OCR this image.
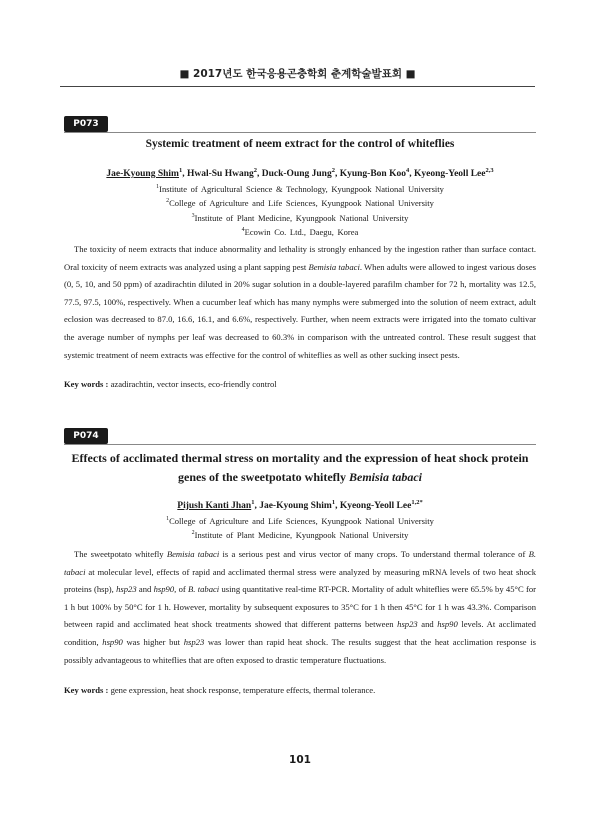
■ 2017년도 한국응용곤충학회 춘계학술발표회 ■
P073
Systemic treatment of neem extract for the control of whiteflies
Jae-Kyoung Shim$^1$, Hwal-Su Hwang$^2$, Duck-Oung Jung$^2$, Kyung-Bon Koo$^4$, Kyeong-Yeoll Lee$^{2,3}$
$^1$Institute of Agricultural Science & Technology, Kyungpook National University
$^2$College of Agriculture and Life Sciences, Kyungpook National University
$^3$Institute of Plant Medicine, Kyungpook National University
$^4$Ecowin Co. Ltd., Daegu, Korea
The toxicity of neem extracts that induce abnormality and lethality is strongly enhanced by the ingestion rather than surface contact. Oral toxicity of neem extracts was analyzed using a plant sapping pest Bemisia tabaci. When adults were allowed to ingest various doses (0, 5, 10, and 50 ppm) of azadirachtin diluted in 20% sugar solution in a double-layered parafilm chamber for 72 h, mortality was 12.5, 77.5, 97.5, 100%, respectively. When a cucumber leaf which has many nymphs were submerged into the solution of neem extract, adult eclosion was decreased to 87.0, 16.6, 16.1, and 6.6%, respectively. Further, when neem extracts were irrigated into the tomato cultivar the average number of nymphs per leaf was decreased to 60.3% in comparison with the untreated control. These result suggest that systemic treatment of neem extracts was effective for the control of whiteflies as well as other sucking insect pests.
Key words : azadirachtin, vector insects, eco-friendly control
P074
Effects of acclimated thermal stress on mortality and the expression of heat shock protein
genes of the sweetpotato whitefly Bemisia tabaci
Pijush Kanti Jhan$^1$, Jae-Kyoung Shim$^1$, Kyeong-Yeoll Lee$^{1,2*}$
$^1$College of Agriculture and Life Sciences, Kyungpook National University
$^2$Institute of Plant Medicine, Kyungpook National University
The sweetpotato whitefly Bemisia tabaci is a serious pest and virus vector of many crops. To understand thermal tolerance of B. tabaci at molecular level, effects of rapid and acclimated thermal stress were analyzed by measuring mRNA levels of two heat shock proteins (hsp), hsp23 and hsp90, of B. tabaci using quantitative real-time RT-PCR. Mortality of adult whiteflies were 65.5% by 45°C for 1 h but 100% by 50°C for 1 h. However, mortality by subsequent exposures to 35°C for 1 h then 45°C for 1 h was 43.3%. Comparison between rapid and acclimated heat shock treatments showed that different patterns between hsp23 and hsp90 levels. At acclimated condition, hsp90 was higher but hsp23 was lower than rapid heat shock. The results suggest that the heat acclimation response is possibly advantageous to whiteflies that are often exposed to drastic temperature fluctuations.
Key words : gene expression, heat shock response, temperature effects, thermal tolerance.
101
